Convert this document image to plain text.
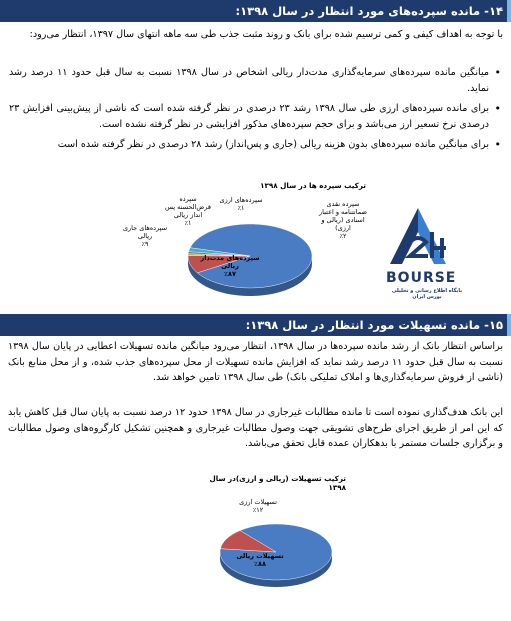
۱۴- مانده سپرده‌های مورد انتظار در سال ۱۳۹۸:

با توجه به اهداف کیفی و کمی ترسیم شده برای بانک و روند مثبت جذب طی سه ماهه انتهای سال ۱۳۹۷، انتظار می‌رود:

• میانگین مانده سپرده‌های سرمایه‌گذاری مدت‌دار ریالی اشخاص در سال ۱۳۹۸ نسبت به سال قبل حدود ۱۱ درصد رشد نماید.
• برای مانده سپرده‌های ارزی طی سال ۱۳۹۸ رشد ۲۳ درصدی در نظر گرفته شده است که ناشی از پیش‌بینی افزایش ۲۳ درصدی نرخ تسعیر ارز می‌باشد و برای حجم سپرده‌های مذکور افزایشی در نظر گرفته نشده است.
• برای میانگین مانده سپرده‌های بدون هزینه ریالی (جاری و پس‌انداز) رشد ۲۸ درصدی در نظر گرفته شده است
ترکیب سپرده ها در سال ۱۳۹۸
سپرده‌های ارزی
٪۱
سپرده
قرض‌الحسنه پس
انداز ریالی
٪۱
سپرده‌های جاری
ریالی
٪۹
سپرده نقدی
ضمانتنامه و اعتبار
اسنادی (ریالی و
ارزی)
٪۲
سپرده‌های مدت‌دار ریالی
٪۸۷	BOURSE
پایگاه اطلاع رسانی و تحلیلی بورس ایران
۱۵- مانده تسهیلات مورد انتظار در سال ۱۳۹۸:

براساس انتظار بانک از رشد مانده سپرده‌ها در سال ۱۳۹۸، انتظار می‌رود میانگین مانده تسهیلات اعطایی در پایان سال ۱۳۹۸ نسبت به سال قبل حدود ۱۱ درصد رشد نماید که افزایش مانده تسهیلات از محل سپرده‌های جذب شده، و از محل منابع بانک (ناشی از فروش سرمایه‌گذاری‌ها و املاک تملیکی بانک) طی سال ۱۳۹۸ تامین خواهد شد.

این بانک هدف‌گذاری نموده است تا مانده مطالبات غیرجاری در سال ۱۳۹۸ حدود ۱۲ درصد نسبت به پایان سال قبل کاهش یابد که این امر از طریق اجرای طرح‌های تشویقی جهت وصول مطالبات غیرجاری و همچنین تشکیل کارگروه‌های وصول مطالبات و برگزاری جلسات مستمر با بدهکاران عمده قابل تحقق می‌باشد.

ترکیب تسهیلات (ریالی و ارزی)در سال ۱۳۹۸
تسهیلات ارزی
٪۱۲
تسهیلات ریالی
٪۸۸
